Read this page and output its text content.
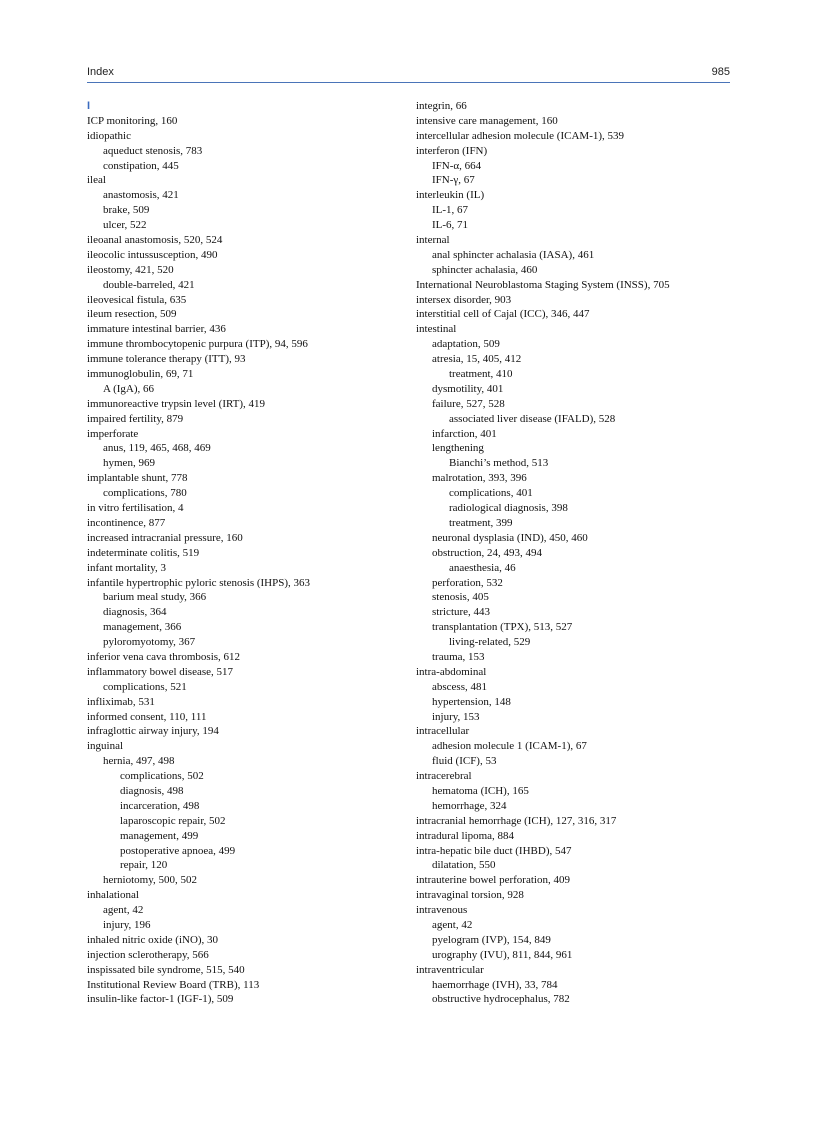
Index	985
I
ICP monitoring, 160
idiopathic
aqueduct stenosis, 783
constipation, 445
ileal
anastomosis, 421
brake, 509
ulcer, 522
ileoanal anastomosis, 520, 524
ileocolic intussusception, 490
ileostomy, 421, 520
double-barreled, 421
ileovesical fistula, 635
ileum resection, 509
immature intestinal barrier, 436
immune thrombocytopenic purpura (ITP), 94, 596
immune tolerance therapy (ITT), 93
immunoglobulin, 69, 71
A (IgA), 66
immunoreactive trypsin level (IRT), 419
impaired fertility, 879
imperforate
anus, 119, 465, 468, 469
hymen, 969
implantable shunt, 778
complications, 780
in vitro fertilisation, 4
incontinence, 877
increased intracranial pressure, 160
indeterminate colitis, 519
infant mortality, 3
infantile hypertrophic pyloric stenosis (IHPS), 363
barium meal study, 366
diagnosis, 364
management, 366
pyloromyotomy, 367
inferior vena cava thrombosis, 612
inflammatory bowel disease, 517
complications, 521
infliximab, 531
informed consent, 110, 111
infraglottic airway injury, 194
inguinal
hernia, 497, 498
complications, 502
diagnosis, 498
incarceration, 498
laparoscopic repair, 502
management, 499
postoperative apnoea, 499
repair, 120
herniotomy, 500, 502
inhalational
agent, 42
injury, 196
inhaled nitric oxide (iNO), 30
injection sclerotherapy, 566
inspissated bile syndrome, 515, 540
Institutional Review Board (TRB), 113
insulin-like factor-1 (IGF-1), 509
integrin, 66
intensive care management, 160
intercellular adhesion molecule (ICAM-1), 539
interferon (IFN)
IFN-α, 664
IFN-γ, 67
interleukin (IL)
IL-1, 67
IL-6, 71
internal
anal sphincter achalasia (IASA), 461
sphincter achalasia, 460
International Neuroblastoma Staging System (INSS), 705
intersex disorder, 903
interstitial cell of Cajal (ICC), 346, 447
intestinal
adaptation, 509
atresia, 15, 405, 412
treatment, 410
dysmotility, 401
failure, 527, 528
associated liver disease (IFALD), 528
infarction, 401
lengthening
Bianchi’s method, 513
malrotation, 393, 396
complications, 401
radiological diagnosis, 398
treatment, 399
neuronal dysplasia (IND), 450, 460
obstruction, 24, 493, 494
anaesthesia, 46
perforation, 532
stenosis, 405
stricture, 443
transplantation (TPX), 513, 527
living-related, 529
trauma, 153
intra-abdominal
abscess, 481
hypertension, 148
injury, 153
intracellular
adhesion molecule 1 (ICAM-1), 67
fluid (ICF), 53
intracerebral
hematoma (ICH), 165
hemorrhage, 324
intracranial hemorrhage (ICH), 127, 316, 317
intradural lipoma, 884
intra-hepatic bile duct (IHBD), 547
dilatation, 550
intrauterine bowel perforation, 409
intravaginal torsion, 928
intravenous
agent, 42
pyelogram (IVP), 154, 849
urography (IVU), 811, 844, 961
intraventricular
haemorrhage (IVH), 33, 784
obstructive hydrocephalus, 782
